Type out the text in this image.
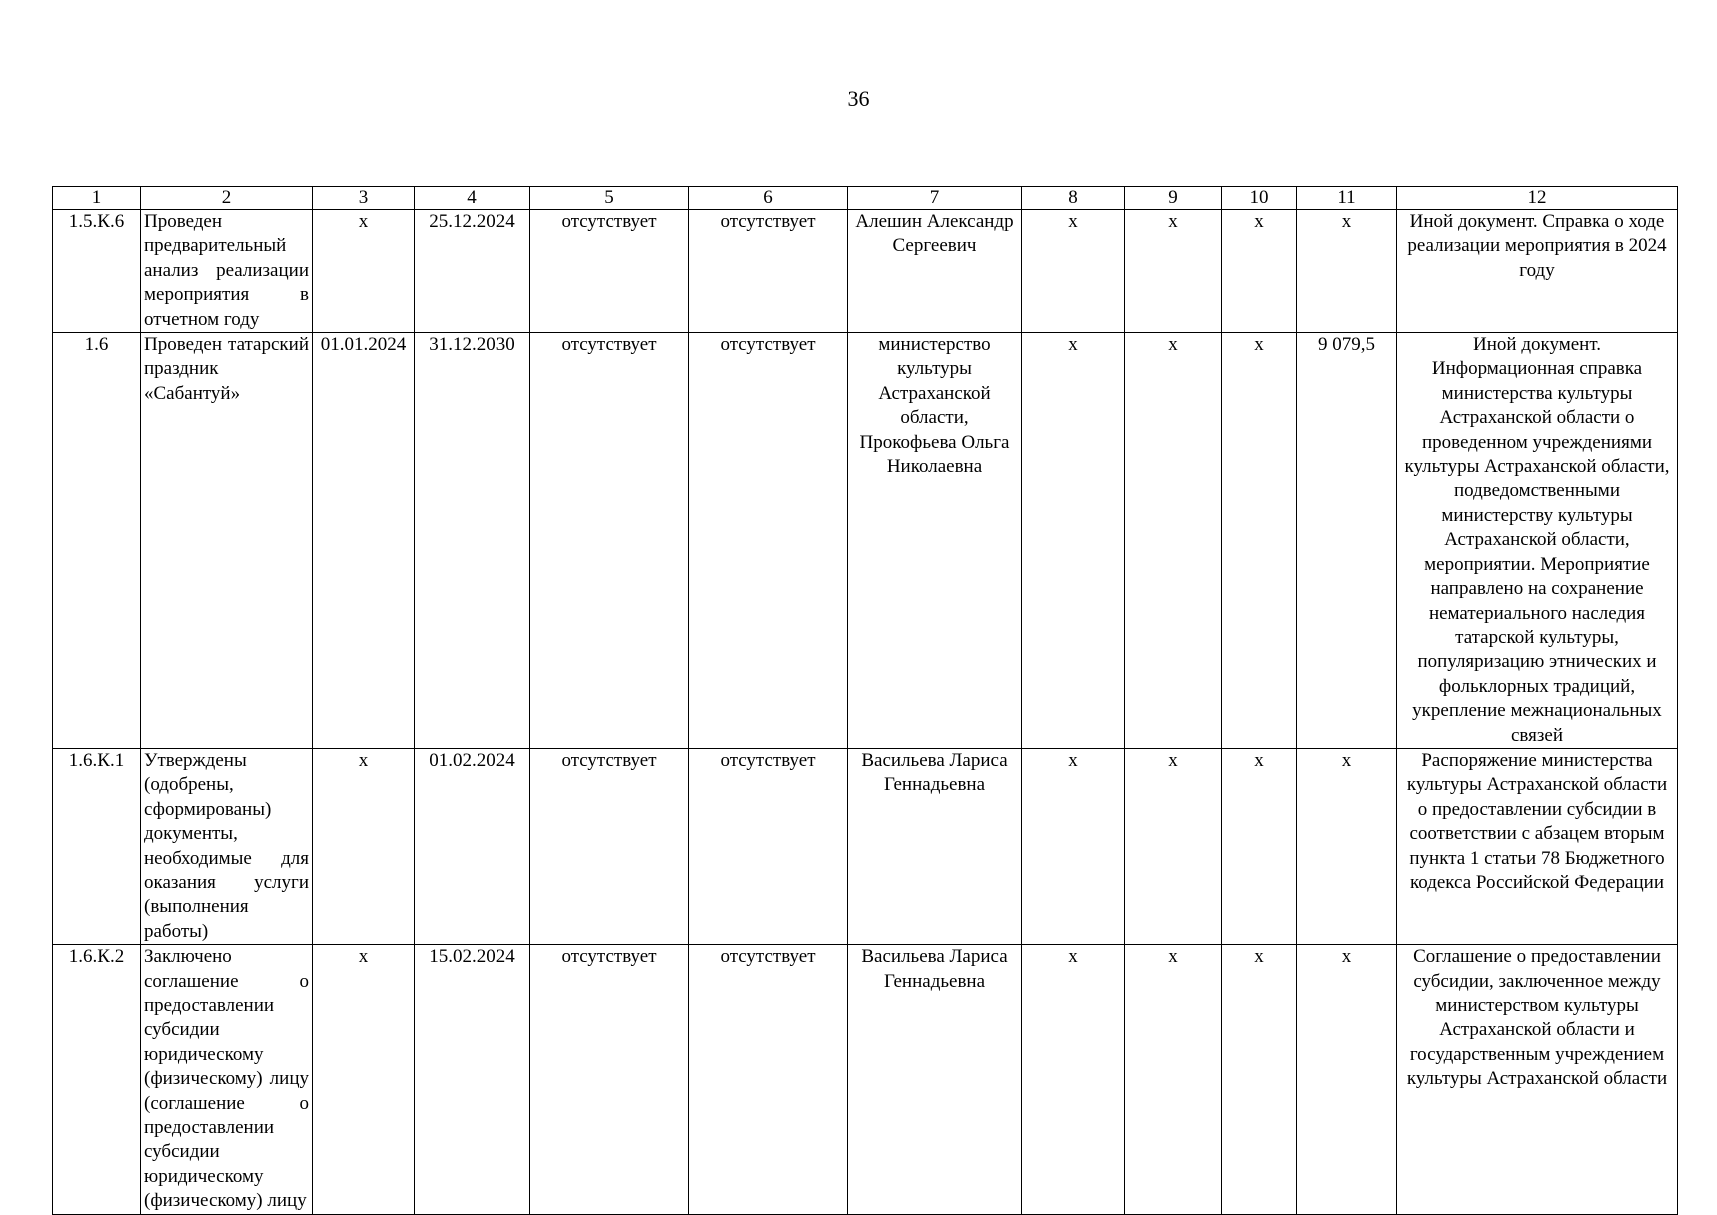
36
1	2	3	4	5	6	7	8	9	10	11	12
1.5.К.6	Проведен предварительный анализ реализации мероприятия в отчетном году	x	25.12.2024	отсутствует	отсутствует	Алешин Александр Сергеевич	x	x	x	x	Иной документ. Справка о ходе реализации мероприятия в 2024 году
1.6	Проведен татарский праздник «Сабантуй»	01.01.2024	31.12.2030	отсутствует	отсутствует	министерство культуры Астраханской области, Прокофьева Ольга Николаевна	x	x	x	9 079,5	Иной документ. Информационная справка министерства культуры Астраханской области о проведенном учреждениями культуры Астраханской области, подведомственными министерству культуры Астраханской области, мероприятии. Мероприятие направлено на сохранение нематериального наследия татарской культуры, популяризацию этнических и фольклорных традиций, укрепление межнациональных связей
1.6.К.1	Утверждены (одобрены, сформированы) документы, необходимые для оказания услуги (выполнения работы)	x	01.02.2024	отсутствует	отсутствует	Васильева Лариса Геннадьевна	x	x	x	x	Распоряжение министерства культуры Астраханской области о предоставлении субсидии в соответствии с абзацем вторым пункта 1 статьи 78 Бюджетного кодекса Российской Федерации
1.6.К.2	Заключено соглашение о предоставлении субсидии юридическому (физическому) лицу (соглашение о предоставлении субсидии юридическому (физическому) лицу	x	15.02.2024	отсутствует	отсутствует	Васильева Лариса Геннадьевна	x	x	x	x	Соглашение о предоставлении субсидии, заключенное между министерством культуры Астраханской области и государственным учреждением культуры Астраханской области
